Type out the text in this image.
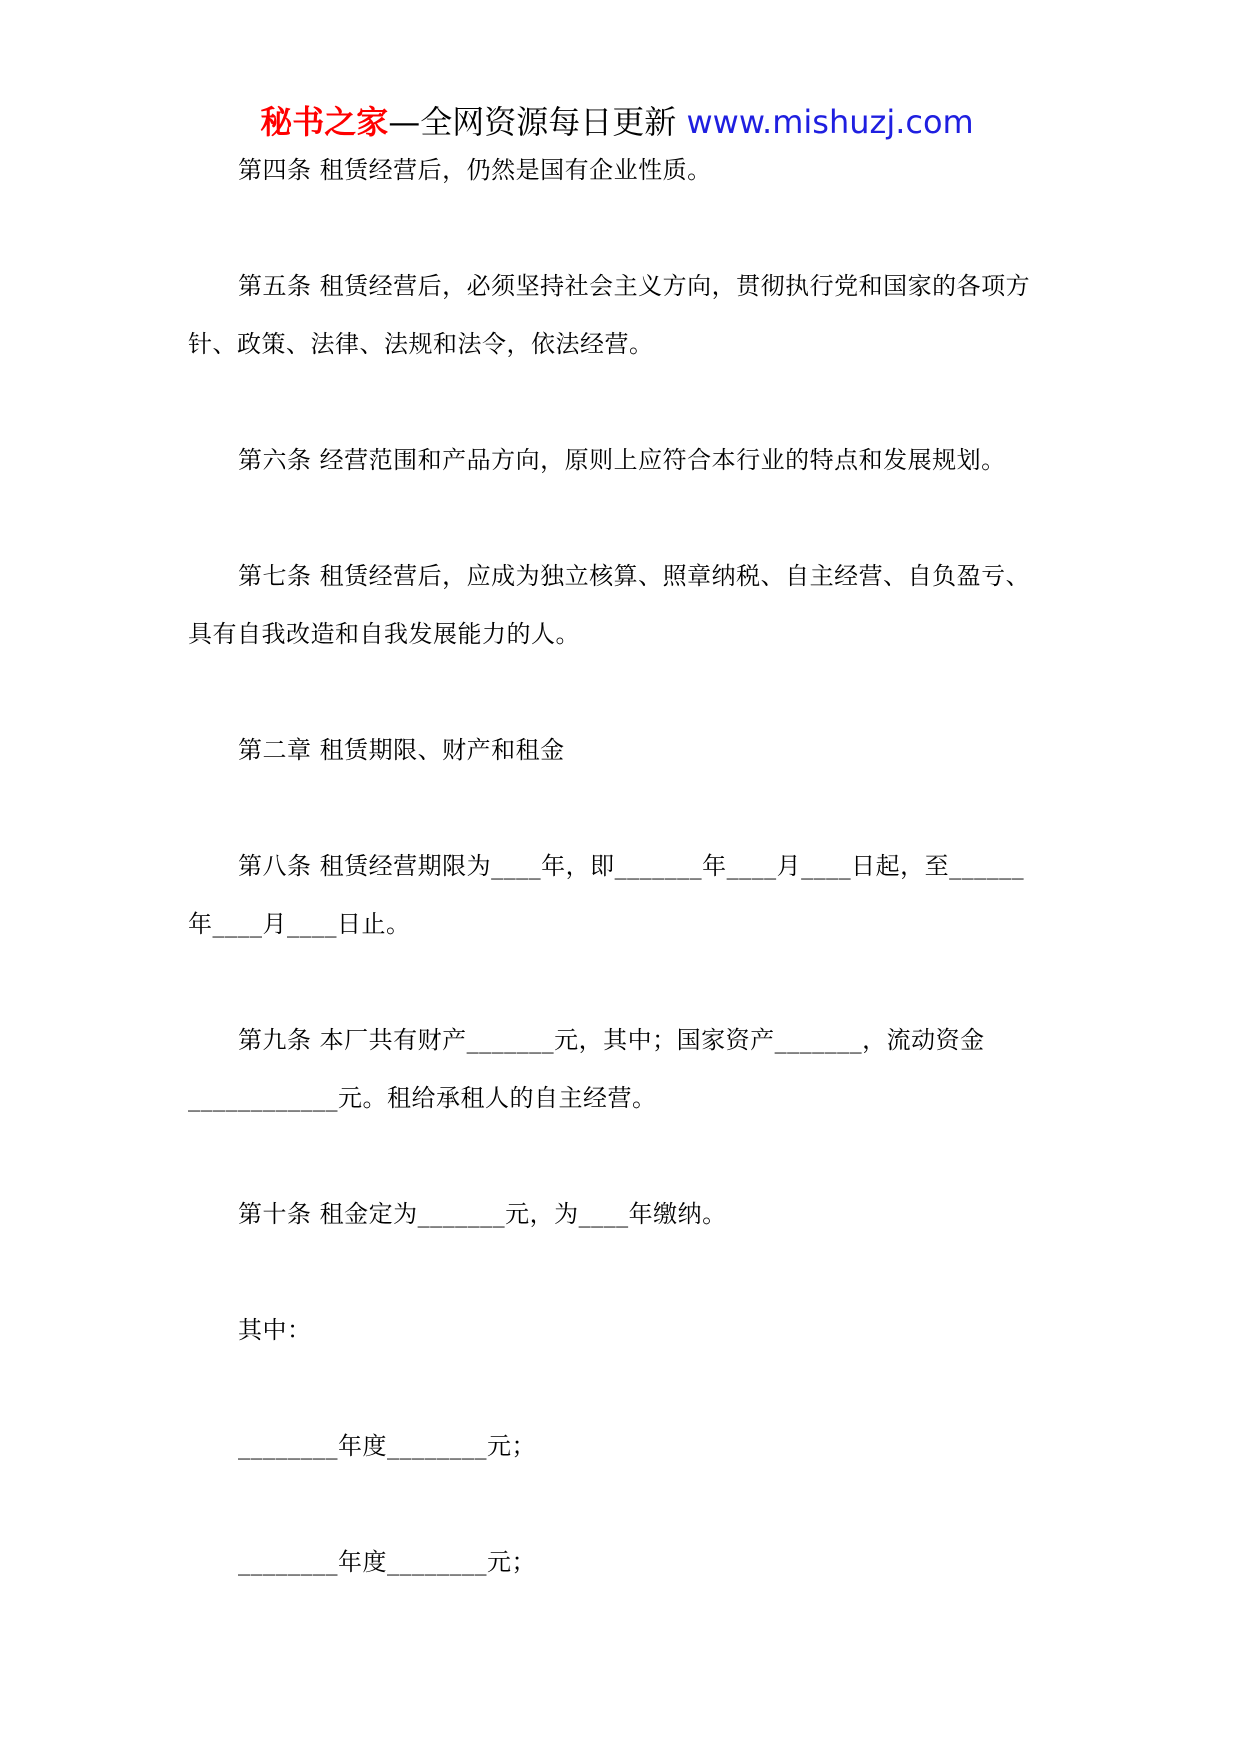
秘书之家—全网资源每日更新 www.mishuzj.com

第四条 租赁经营后，仍然是国有企业性质。

第五条 租赁经营后，必须坚持社会主义方向，贯彻执行党和国家的各项方针、政策、法律、法规和法令，依法经营。

第六条 经营范围和产品方向，原则上应符合本行业的特点和发展规划。

第七条 租赁经营后，应成为独立核算、照章纳税、自主经营、自负盈亏、具有自我改造和自我发展能力的人。

第二章 租赁期限、财产和租金

第八条 租赁经营期限为____年，即_______年____月____日起，至______年____月____日止。

第九条 本厂共有财产_______元，其中；国家资产_______，流动资金____________元。租给承租人的自主经营。

第十条 租金定为_______元，为____年缴纳。

其中：

________年度________元；

________年度________元；
